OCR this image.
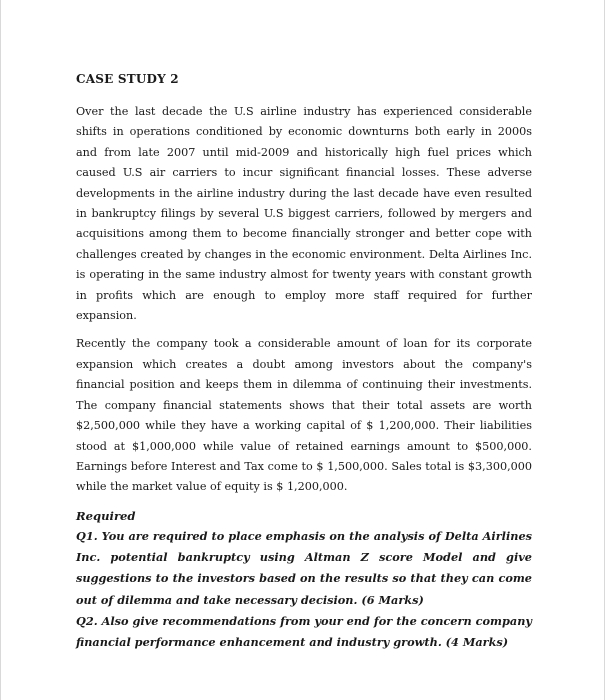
CASE STUDY 2

Over the last decade the U.S airline industry has experienced considerable shifts in operations conditioned by economic downturns both early in 2000s and from late 2007 until mid-2009 and historically high fuel prices which caused U.S air carriers to incur significant financial losses. These adverse developments in the airline industry during the last decade have even resulted in bankruptcy filings by several U.S biggest carriers, followed by mergers and acquisitions among them to become financially stronger and better cope with challenges created by changes in the economic environment. Delta Airlines Inc. is operating in the same industry almost for twenty years with constant growth in profits which are enough to employ more staff required for further expansion.

Recently the company took a considerable amount of loan for its corporate expansion which creates a doubt among investors about the company's financial position and keeps them in dilemma of continuing their investments. The company financial statements shows that their total assets are worth $2,500,000 while they have a working capital of $ 1,200,000. Their liabilities stood at $1,000,000 while value of retained earnings amount to $500,000. Earnings before Interest and Tax come to $ 1,500,000. Sales total is $3,300,000 while the market value of equity is $ 1,200,000.

Required

Q1. You are required to place emphasis on the analysis of Delta Airlines Inc. potential bankruptcy using Altman Z score Model and give suggestions to the investors based on the results so that they can come out of dilemma and take necessary decision. (6 Marks)

Q2. Also give recommendations from your end for the concern company financial performance enhancement and industry growth. (4 Marks)
